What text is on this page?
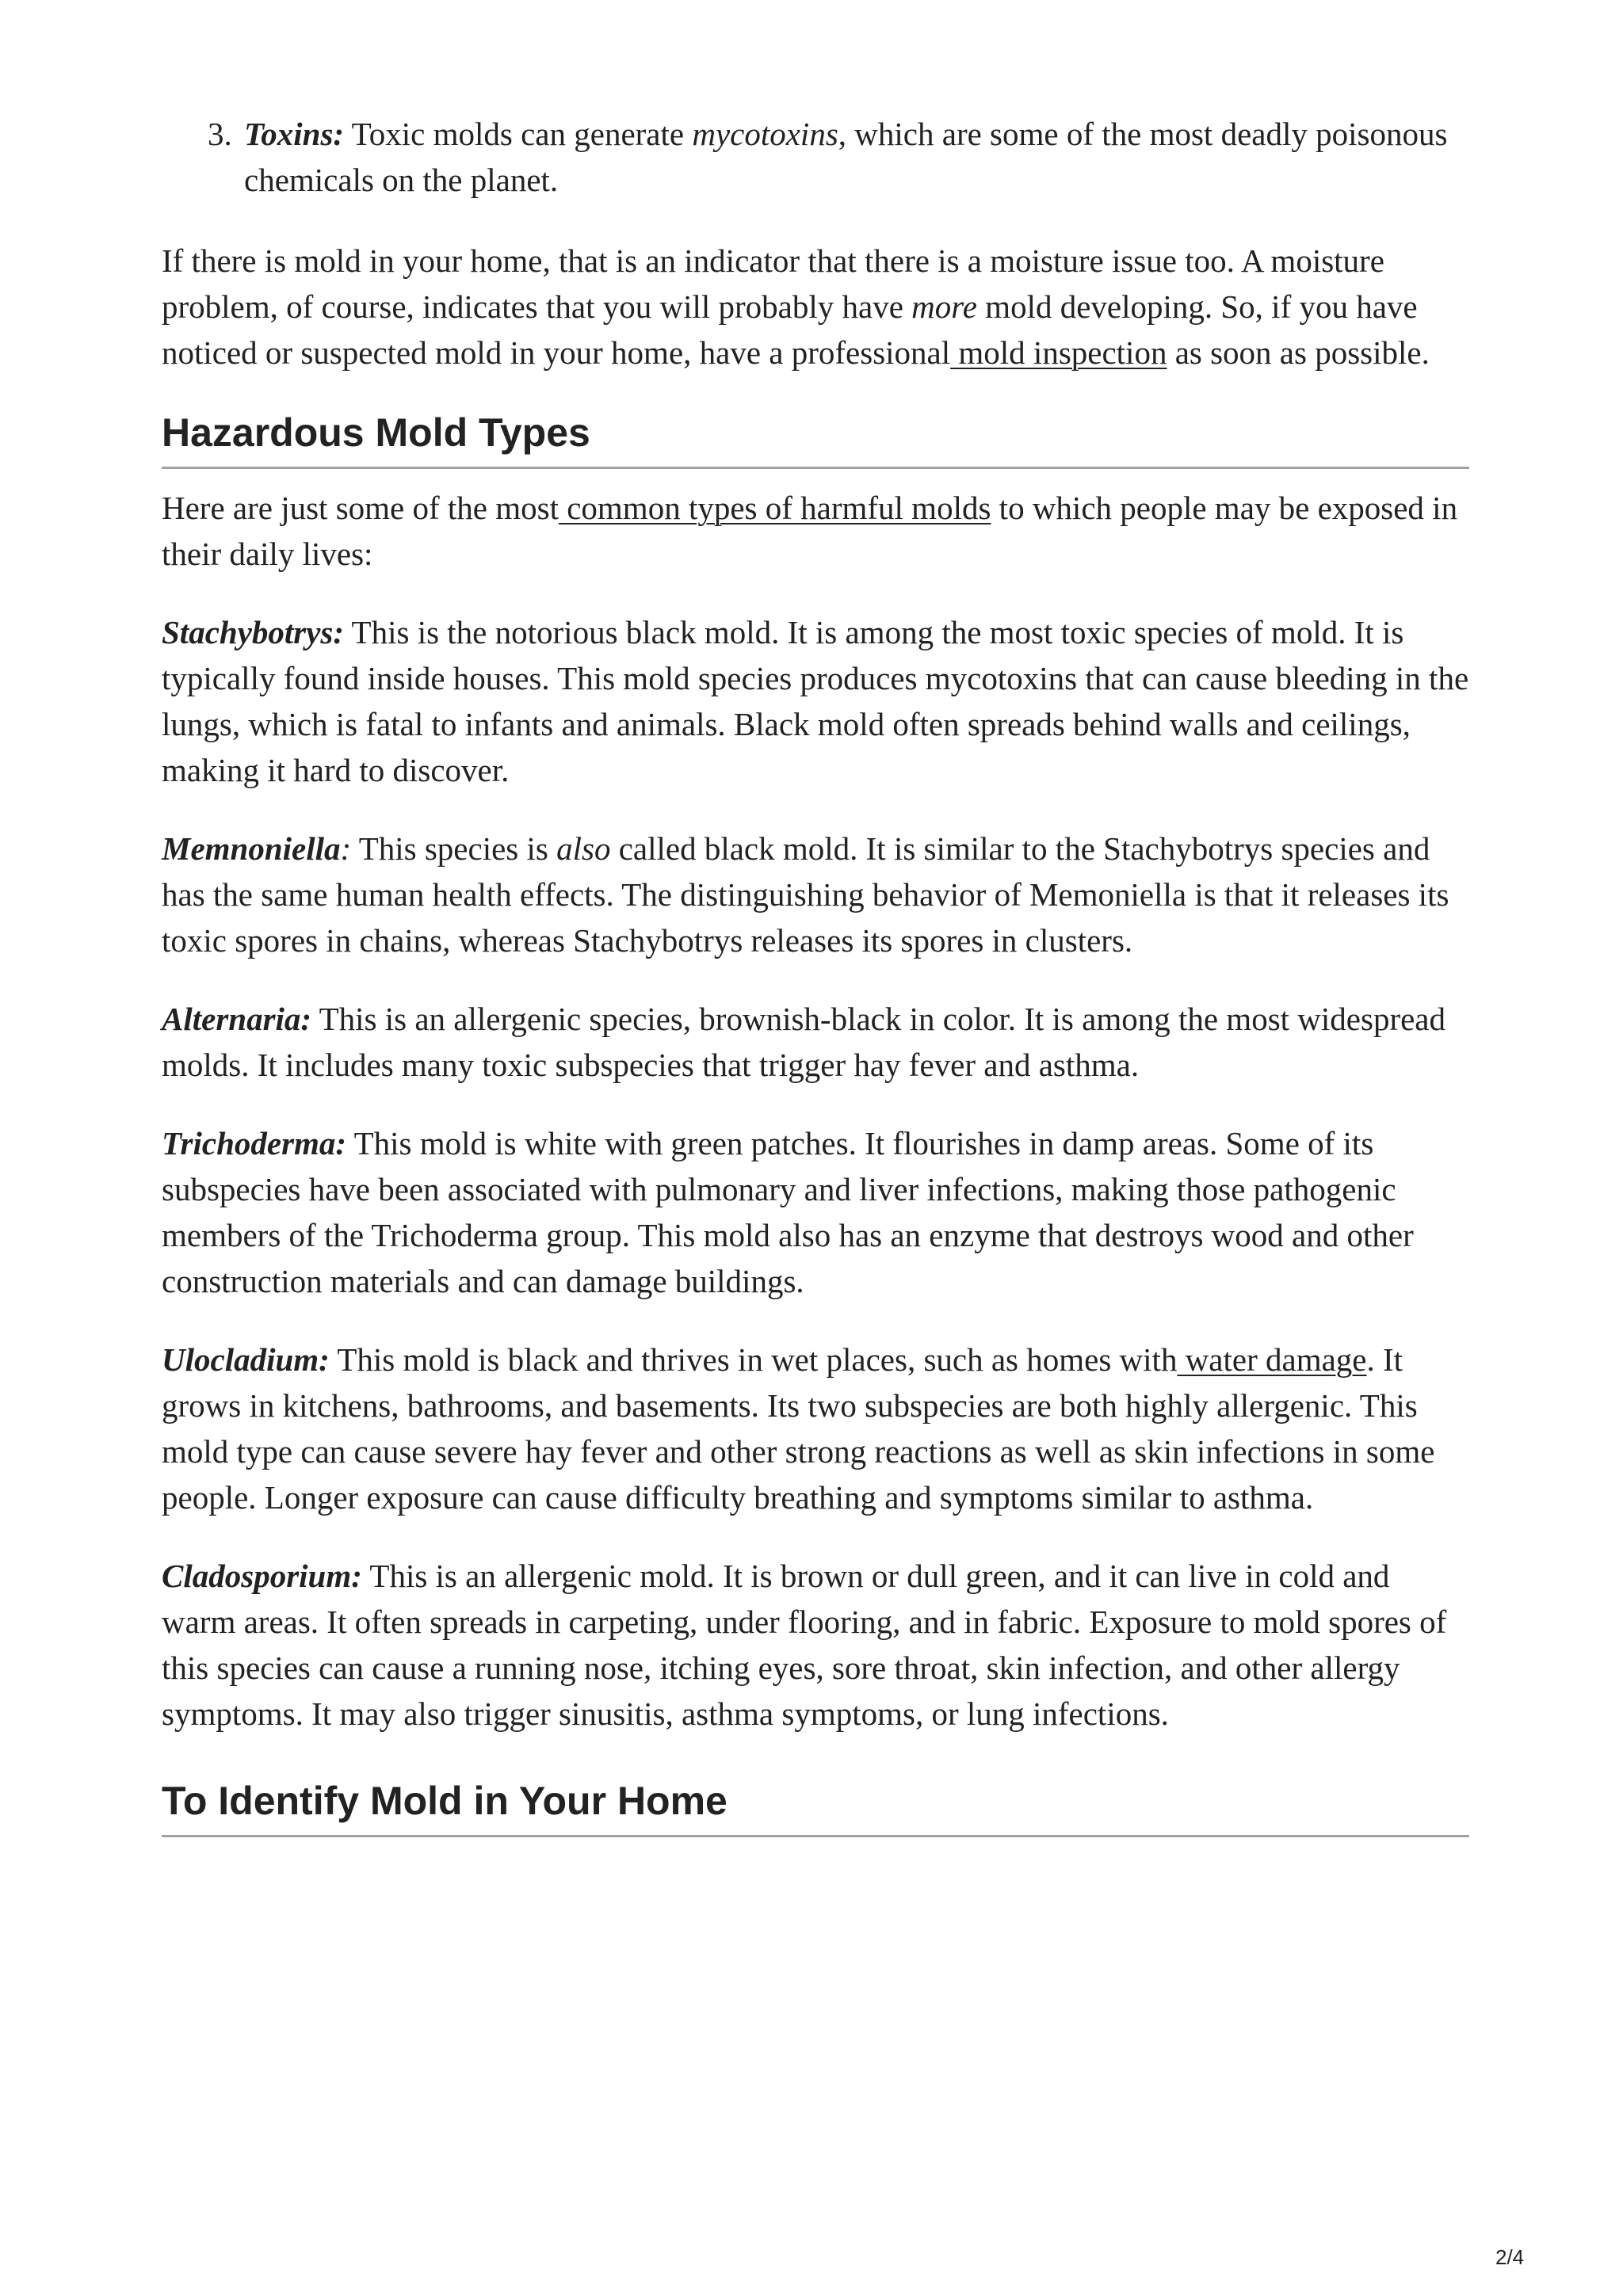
3. Toxins: Toxic molds can generate mycotoxins, which are some of the most deadly poisonous chemicals on the planet.

If there is mold in your home, that is an indicator that there is a moisture issue too. A moisture problem, of course, indicates that you will probably have more mold developing. So, if you have noticed or suspected mold in your home, have a professional mold inspection as soon as possible.

Hazardous Mold Types

Here are just some of the most common types of harmful molds to which people may be exposed in their daily lives:

Stachybotrys: This is the notorious black mold. It is among the most toxic species of mold. It is typically found inside houses. This mold species produces mycotoxins that can cause bleeding in the lungs, which is fatal to infants and animals. Black mold often spreads behind walls and ceilings, making it hard to discover.

Memnoniella: This species is also called black mold. It is similar to the Stachybotrys species and has the same human health effects. The distinguishing behavior of Memoniella is that it releases its toxic spores in chains, whereas Stachybotrys releases its spores in clusters.

Alternaria: This is an allergenic species, brownish-black in color. It is among the most widespread molds. It includes many toxic subspecies that trigger hay fever and asthma.

Trichoderma: This mold is white with green patches. It flourishes in damp areas. Some of its subspecies have been associated with pulmonary and liver infections, making those pathogenic members of the Trichoderma group. This mold also has an enzyme that destroys wood and other construction materials and can damage buildings.

Ulocladium: This mold is black and thrives in wet places, such as homes with water damage. It grows in kitchens, bathrooms, and basements. Its two subspecies are both highly allergenic. This mold type can cause severe hay fever and other strong reactions as well as skin infections in some people. Longer exposure can cause difficulty breathing and symptoms similar to asthma.

Cladosporium: This is an allergenic mold. It is brown or dull green, and it can live in cold and warm areas. It often spreads in carpeting, under flooring, and in fabric. Exposure to mold spores of this species can cause a running nose, itching eyes, sore throat, skin infection, and other allergy symptoms. It may also trigger sinusitis, asthma symptoms, or lung infections.

To Identify Mold in Your Home
2/4
